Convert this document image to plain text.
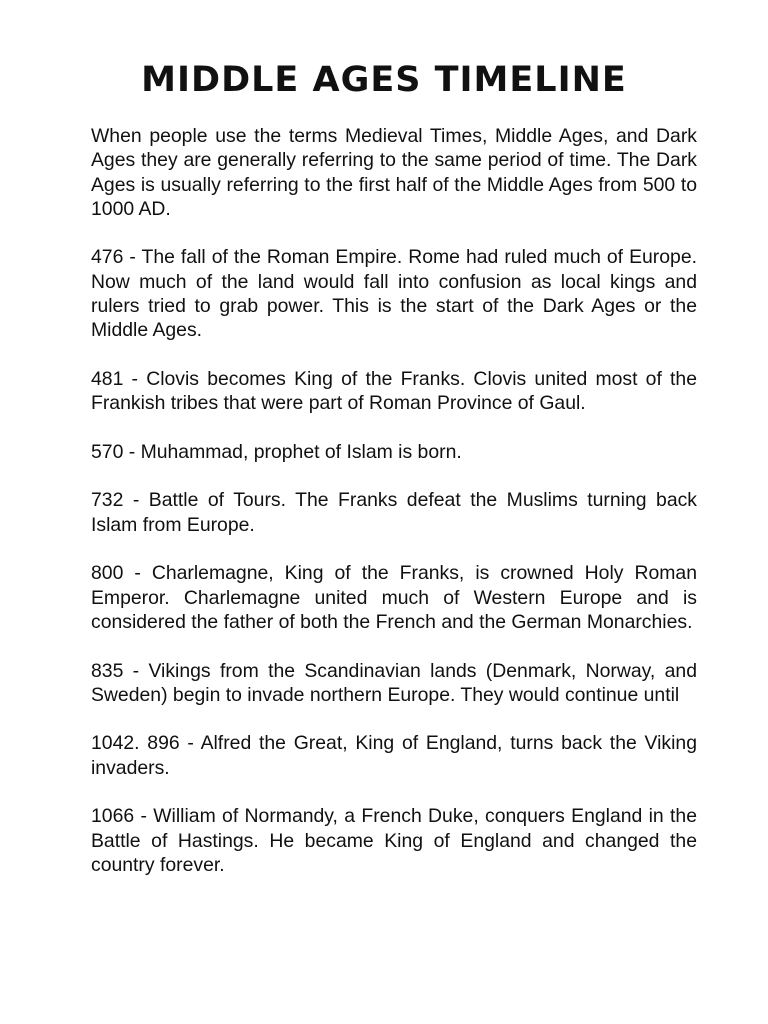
MIDDLE AGES TIMELINE

When people use the terms Medieval Times, Middle Ages, and Dark Ages they are generally referring to the same period of time. The Dark Ages is usually referring to the first half of the Middle Ages from 500 to 1000 AD.

476 - The fall of the Roman Empire. Rome had ruled much of Europe. Now much of the land would fall into confusion as local kings and rulers tried to grab power. This is the start of the Dark Ages or the Middle Ages.

481 - Clovis becomes King of the Franks. Clovis united most of the Frankish tribes that were part of Roman Province of Gaul.

570 - Muhammad, prophet of Islam is born.

732 - Battle of Tours. The Franks defeat the Muslims turning back Islam from Europe.

800 - Charlemagne, King of the Franks, is crowned Holy Roman Emperor. Charlemagne united much of Western Europe and is considered the father of both the French and the German Monarchies.

835 - Vikings from the Scandinavian lands (Denmark, Norway, and Sweden) begin to invade northern Europe. They would continue until

1042. 896 - Alfred the Great, King of England, turns back the Viking invaders.

1066 - William of Normandy, a French Duke, conquers England in the Battle of Hastings. He became King of England and changed the country forever.
